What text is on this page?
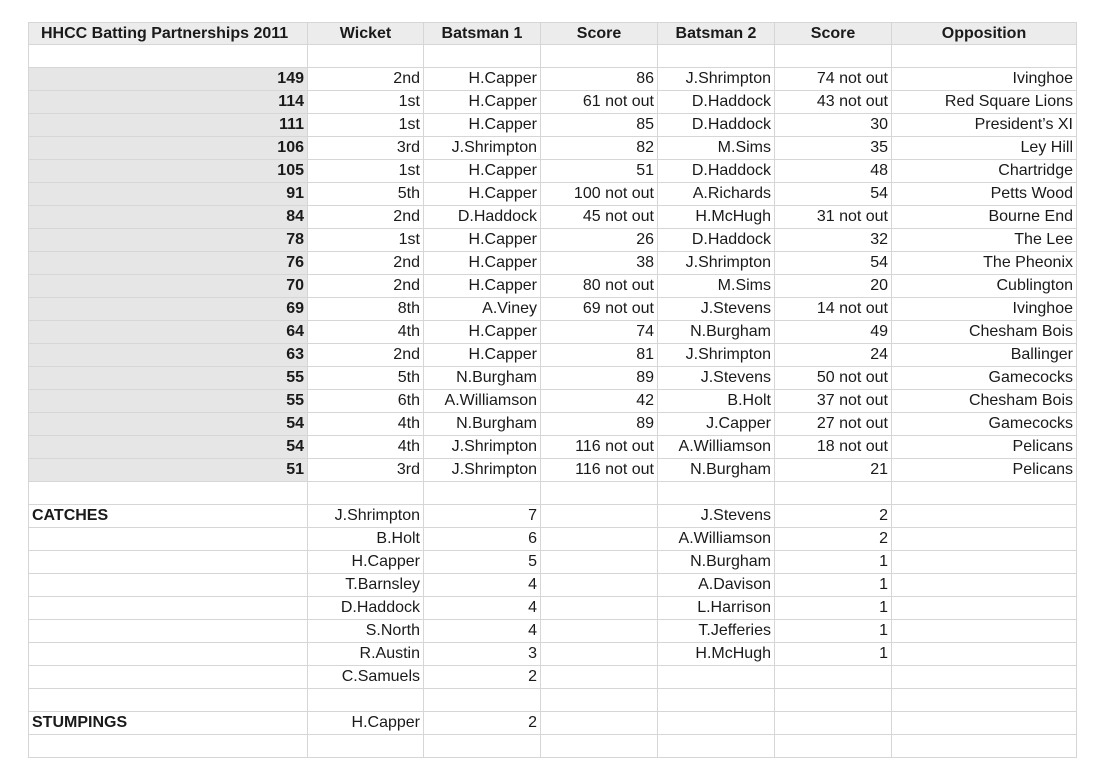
HHCC Batting Partnerships 2011	Wicket	Batsman 1	Score	Batsman 2	Score	Opposition
149	2nd	H.Capper	86	J.Shrimpton	74 not out	Ivinghoe
114	1st	H.Capper	61 not out	D.Haddock	43 not out	Red Square Lions
111	1st	H.Capper	85	D.Haddock	30	President’s XI
106	3rd	J.Shrimpton	82	M.Sims	35	Ley Hill
105	1st	H.Capper	51	D.Haddock	48	Chartridge
91	5th	H.Capper	100 not out	A.Richards	54	Petts Wood
84	2nd	D.Haddock	45 not out	H.McHugh	31 not out	Bourne End
78	1st	H.Capper	26	D.Haddock	32	The Lee
76	2nd	H.Capper	38	J.Shrimpton	54	The Pheonix
70	2nd	H.Capper	80 not out	M.Sims	20	Cublington
69	8th	A.Viney	69 not out	J.Stevens	14 not out	Ivinghoe
64	4th	H.Capper	74	N.Burgham	49	Chesham Bois
63	2nd	H.Capper	81	J.Shrimpton	24	Ballinger
55	5th	N.Burgham	89	J.Stevens	50 not out	Gamecocks
55	6th	A.Williamson	42	B.Holt	37 not out	Chesham Bois
54	4th	N.Burgham	89	J.Capper	27 not out	Gamecocks
54	4th	J.Shrimpton	116 not out	A.Williamson	18 not out	Pelicans
51	3rd	J.Shrimpton	116 not out	N.Burgham	21	Pelicans
CATCHES	J.Shrimpton	7	J.Stevens	2
B.Holt	6	A.Williamson	2
H.Capper	5	N.Burgham	1
T.Barnsley	4	A.Davison	1
D.Haddock	4	L.Harrison	1
S.North	4	T.Jefferies	1
R.Austin	3	H.McHugh	1
C.Samuels	2
STUMPINGS	H.Capper	2
